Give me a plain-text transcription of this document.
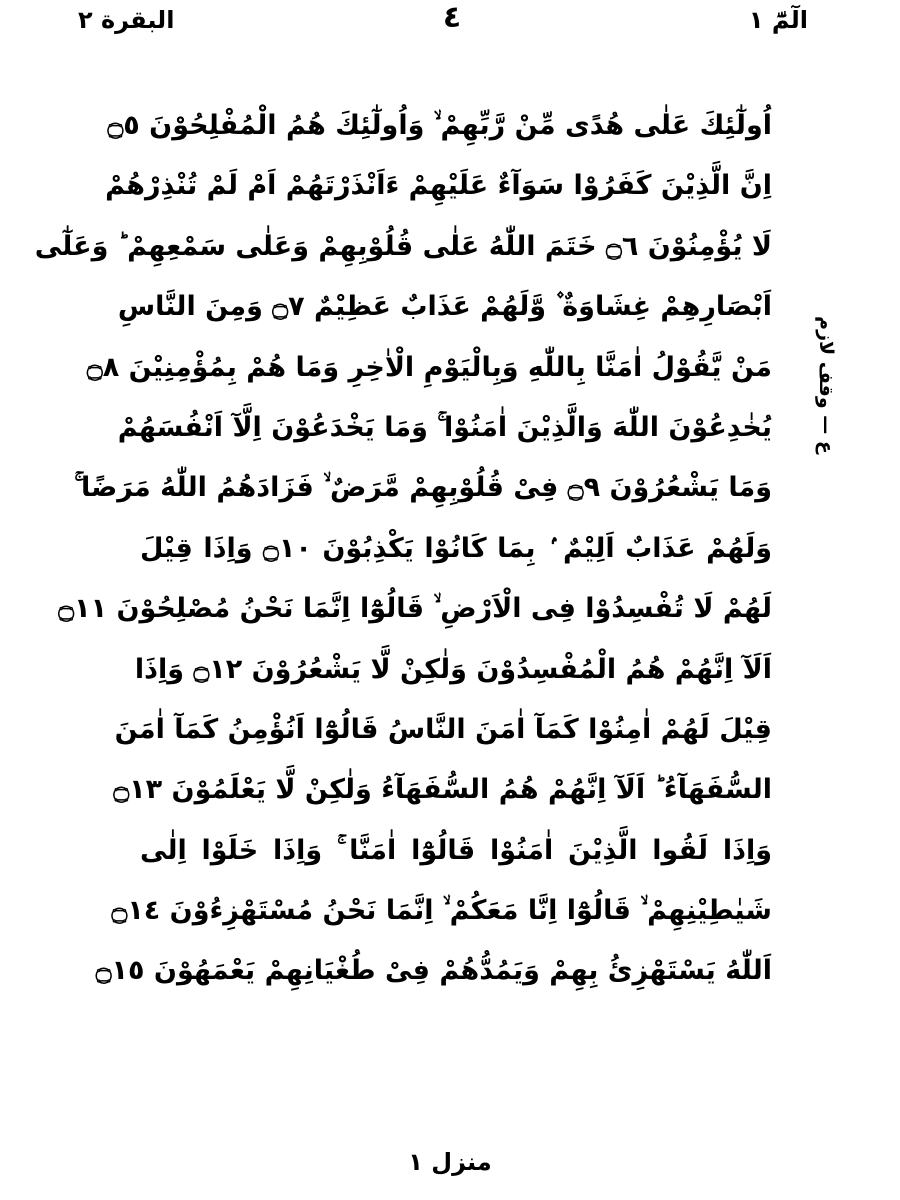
البقرة ٢	٤	الٓمّٓ ١
اُولٰٓئِكَ عَلٰى هُدًى مِّنْ رَّبِّهِمْ ۙ وَاُولٰٓئِكَ هُمُ الْمُفْلِحُوْنَ ۝٥
اِنَّ الَّذِيْنَ كَفَرُوْا سَوَآءٌ عَلَيْهِمْ ءَاَنْذَرْتَهُمْ اَمْ لَمْ تُنْذِرْهُمْ
لَا يُؤْمِنُوْنَ ۝٦ خَتَمَ اللّٰهُ عَلٰى قُلُوْبِهِمْ وَعَلٰى سَمْعِهِمْ ؕ وَعَلٰٓى
اَبْصَارِهِمْ غِشَاوَةٌ ۫ وَّلَهُمْ عَذَابٌ عَظِيْمٌ ۝٧ وَمِنَ النَّاسِ
مَنْ يَّقُوْلُ اٰمَنَّا بِاللّٰهِ وَبِالْيَوْمِ الْاٰخِرِ وَمَا هُمْ بِمُؤْمِنِيْنَ ۝٨
يُخٰدِعُوْنَ اللّٰهَ وَالَّذِيْنَ اٰمَنُوْا ۚ وَمَا يَخْدَعُوْنَ اِلَّآ اَنْفُسَهُمْ
وَمَا يَشْعُرُوْنَ ۝٩ فِىْ قُلُوْبِهِمْ مَّرَضٌ ۙ فَزَادَهُمُ اللّٰهُ مَرَضًا ۚ
وَلَهُمْ عَذَابٌ اَلِيْمٌ ۢ بِمَا كَانُوْا يَكْذِبُوْنَ ۝١٠ وَاِذَا قِيْلَ
لَهُمْ لَا تُفْسِدُوْا فِى الْاَرْضِ ۙ قَالُوْٓا اِنَّمَا نَحْنُ مُصْلِحُوْنَ ۝١١
اَلَآ اِنَّهُمْ هُمُ الْمُفْسِدُوْنَ وَلٰكِنْ لَّا يَشْعُرُوْنَ ۝١٢ وَاِذَا
قِيْلَ لَهُمْ اٰمِنُوْا كَمَآ اٰمَنَ النَّاسُ قَالُوْٓا اَنُؤْمِنُ كَمَآ اٰمَنَ
السُّفَهَآءُ ؕ اَلَآ اِنَّهُمْ هُمُ السُّفَهَآءُ وَلٰكِنْ لَّا يَعْلَمُوْنَ ۝١٣
وَاِذَا لَقُوا الَّذِيْنَ اٰمَنُوْا قَالُوْٓا اٰمَنَّا ۚ وَاِذَا خَلَوْا اِلٰى
شَيٰطِيْنِهِمْ ۙ قَالُوْٓا اِنَّا مَعَكُمْ ۙ اِنَّمَا نَحْنُ مُسْتَهْزِءُوْنَ ۝١٤
اَللّٰهُ يَسْتَهْزِئُ بِهِمْ وَيَمُدُّهُمْ فِىْ طُغْيَانِهِمْ يَعْمَهُوْنَ ۝١٥
ع — وقف لازم
منزل ١
